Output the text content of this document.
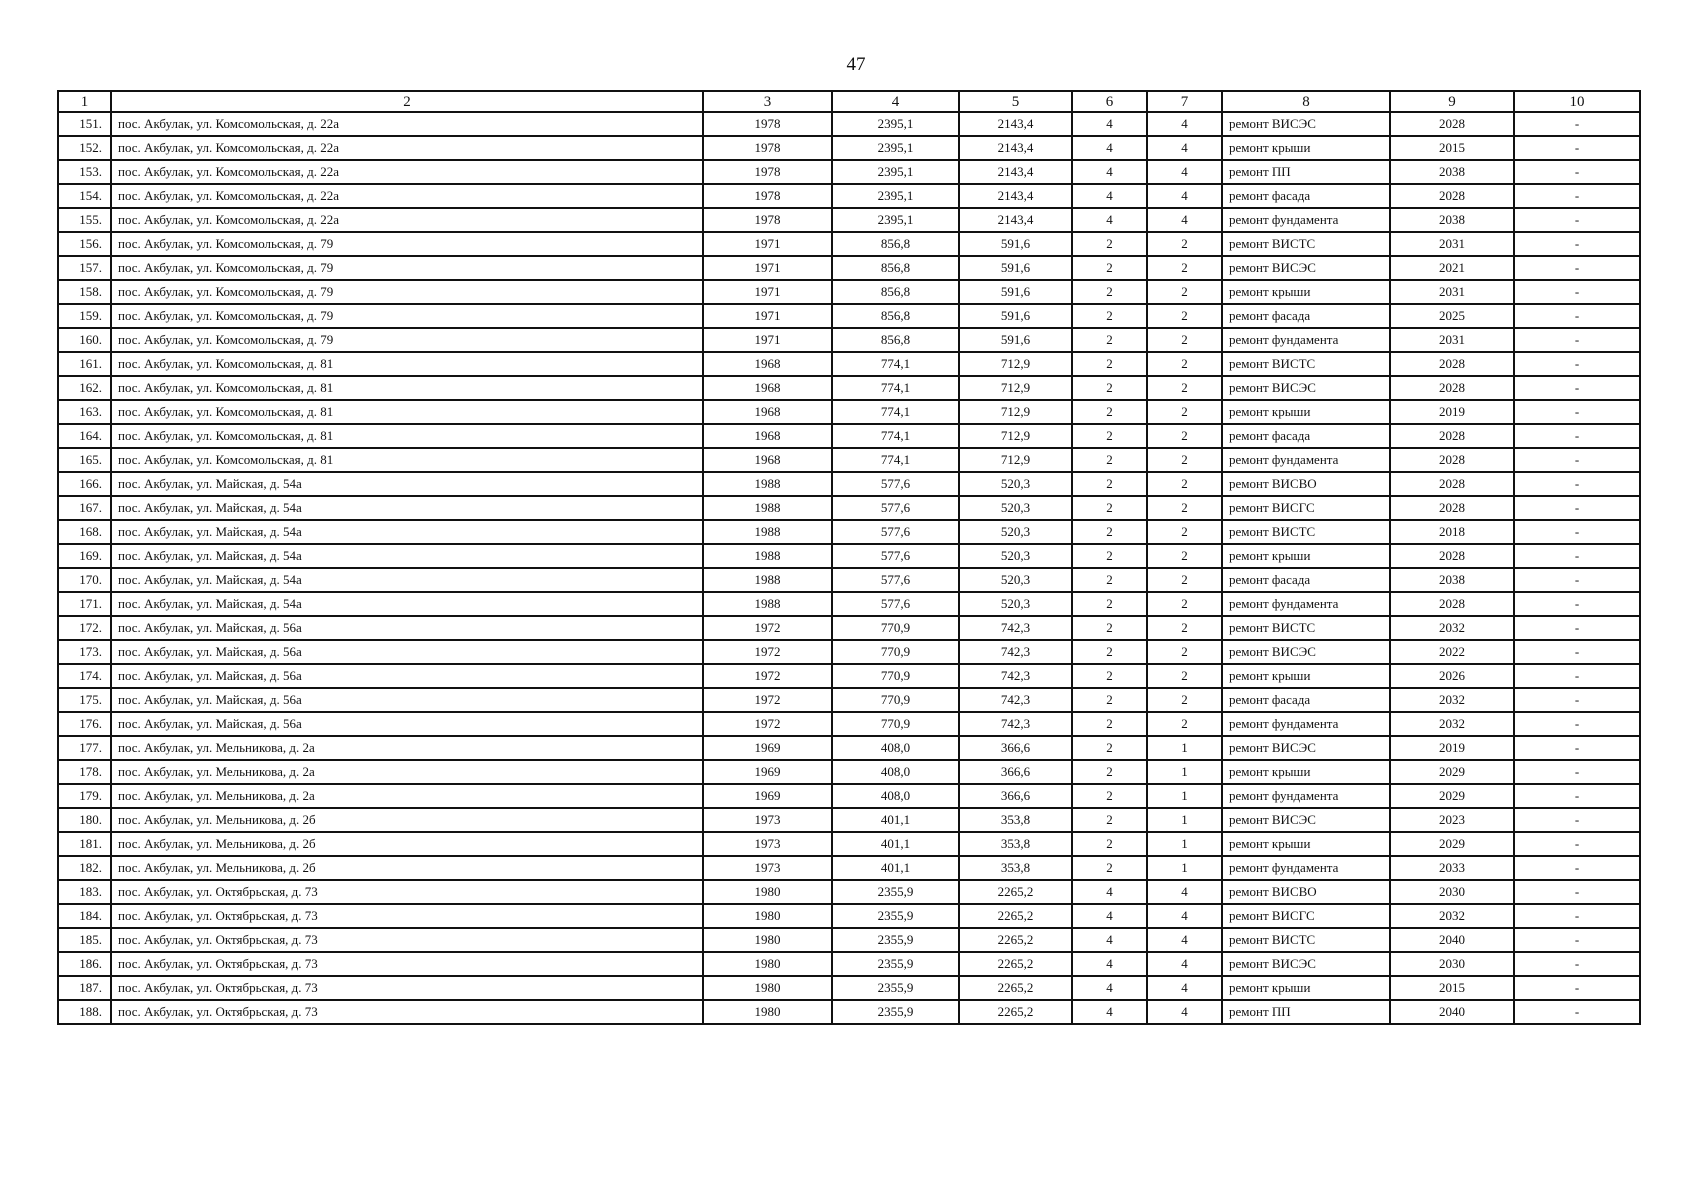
47
1	2	3	4	5	6	7	8	9	10
151.	пос. Акбулак, ул. Комсомольская, д. 22а	1978	2395,1	2143,4	4	4	ремонт ВИСЭС	2028	-
152.	пос. Акбулак, ул. Комсомольская, д. 22а	1978	2395,1	2143,4	4	4	ремонт крыши	2015	-
153.	пос. Акбулак, ул. Комсомольская, д. 22а	1978	2395,1	2143,4	4	4	ремонт ПП	2038	-
154.	пос. Акбулак, ул. Комсомольская, д. 22а	1978	2395,1	2143,4	4	4	ремонт фасада	2028	-
155.	пос. Акбулак, ул. Комсомольская, д. 22а	1978	2395,1	2143,4	4	4	ремонт фундамента	2038	-
156.	пос. Акбулак, ул. Комсомольская, д. 79	1971	856,8	591,6	2	2	ремонт ВИСТС	2031	-
157.	пос. Акбулак, ул. Комсомольская, д. 79	1971	856,8	591,6	2	2	ремонт ВИСЭС	2021	-
158.	пос. Акбулак, ул. Комсомольская, д. 79	1971	856,8	591,6	2	2	ремонт крыши	2031	-
159.	пос. Акбулак, ул. Комсомольская, д. 79	1971	856,8	591,6	2	2	ремонт фасада	2025	-
160.	пос. Акбулак, ул. Комсомольская, д. 79	1971	856,8	591,6	2	2	ремонт фундамента	2031	-
161.	пос. Акбулак, ул. Комсомольская, д. 81	1968	774,1	712,9	2	2	ремонт ВИСТС	2028	-
162.	пос. Акбулак, ул. Комсомольская, д. 81	1968	774,1	712,9	2	2	ремонт ВИСЭС	2028	-
163.	пос. Акбулак, ул. Комсомольская, д. 81	1968	774,1	712,9	2	2	ремонт крыши	2019	-
164.	пос. Акбулак, ул. Комсомольская, д. 81	1968	774,1	712,9	2	2	ремонт фасада	2028	-
165.	пос. Акбулак, ул. Комсомольская, д. 81	1968	774,1	712,9	2	2	ремонт фундамента	2028	-
166.	пос. Акбулак, ул. Майская, д. 54а	1988	577,6	520,3	2	2	ремонт ВИСВО	2028	-
167.	пос. Акбулак, ул. Майская, д. 54а	1988	577,6	520,3	2	2	ремонт ВИСГС	2028	-
168.	пос. Акбулак, ул. Майская, д. 54а	1988	577,6	520,3	2	2	ремонт ВИСТС	2018	-
169.	пос. Акбулак, ул. Майская, д. 54а	1988	577,6	520,3	2	2	ремонт крыши	2028	-
170.	пос. Акбулак, ул. Майская, д. 54а	1988	577,6	520,3	2	2	ремонт фасада	2038	-
171.	пос. Акбулак, ул. Майская, д. 54а	1988	577,6	520,3	2	2	ремонт фундамента	2028	-
172.	пос. Акбулак, ул. Майская, д. 56а	1972	770,9	742,3	2	2	ремонт ВИСТС	2032	-
173.	пос. Акбулак, ул. Майская, д. 56а	1972	770,9	742,3	2	2	ремонт ВИСЭС	2022	-
174.	пос. Акбулак, ул. Майская, д. 56а	1972	770,9	742,3	2	2	ремонт крыши	2026	-
175.	пос. Акбулак, ул. Майская, д. 56а	1972	770,9	742,3	2	2	ремонт фасада	2032	-
176.	пос. Акбулак, ул. Майская, д. 56а	1972	770,9	742,3	2	2	ремонт фундамента	2032	-
177.	пос. Акбулак, ул. Мельникова, д. 2а	1969	408,0	366,6	2	1	ремонт ВИСЭС	2019	-
178.	пос. Акбулак, ул. Мельникова, д. 2а	1969	408,0	366,6	2	1	ремонт крыши	2029	-
179.	пос. Акбулак, ул. Мельникова, д. 2а	1969	408,0	366,6	2	1	ремонт фундамента	2029	-
180.	пос. Акбулак, ул. Мельникова, д. 2б	1973	401,1	353,8	2	1	ремонт ВИСЭС	2023	-
181.	пос. Акбулак, ул. Мельникова, д. 2б	1973	401,1	353,8	2	1	ремонт крыши	2029	-
182.	пос. Акбулак, ул. Мельникова, д. 2б	1973	401,1	353,8	2	1	ремонт фундамента	2033	-
183.	пос. Акбулак, ул. Октябрьская, д. 73	1980	2355,9	2265,2	4	4	ремонт ВИСВО	2030	-
184.	пос. Акбулак, ул. Октябрьская, д. 73	1980	2355,9	2265,2	4	4	ремонт ВИСГС	2032	-
185.	пос. Акбулак, ул. Октябрьская, д. 73	1980	2355,9	2265,2	4	4	ремонт ВИСТС	2040	-
186.	пос. Акбулак, ул. Октябрьская, д. 73	1980	2355,9	2265,2	4	4	ремонт ВИСЭС	2030	-
187.	пос. Акбулак, ул. Октябрьская, д. 73	1980	2355,9	2265,2	4	4	ремонт крыши	2015	-
188.	пос. Акбулак, ул. Октябрьская, д. 73	1980	2355,9	2265,2	4	4	ремонт ПП	2040	-
